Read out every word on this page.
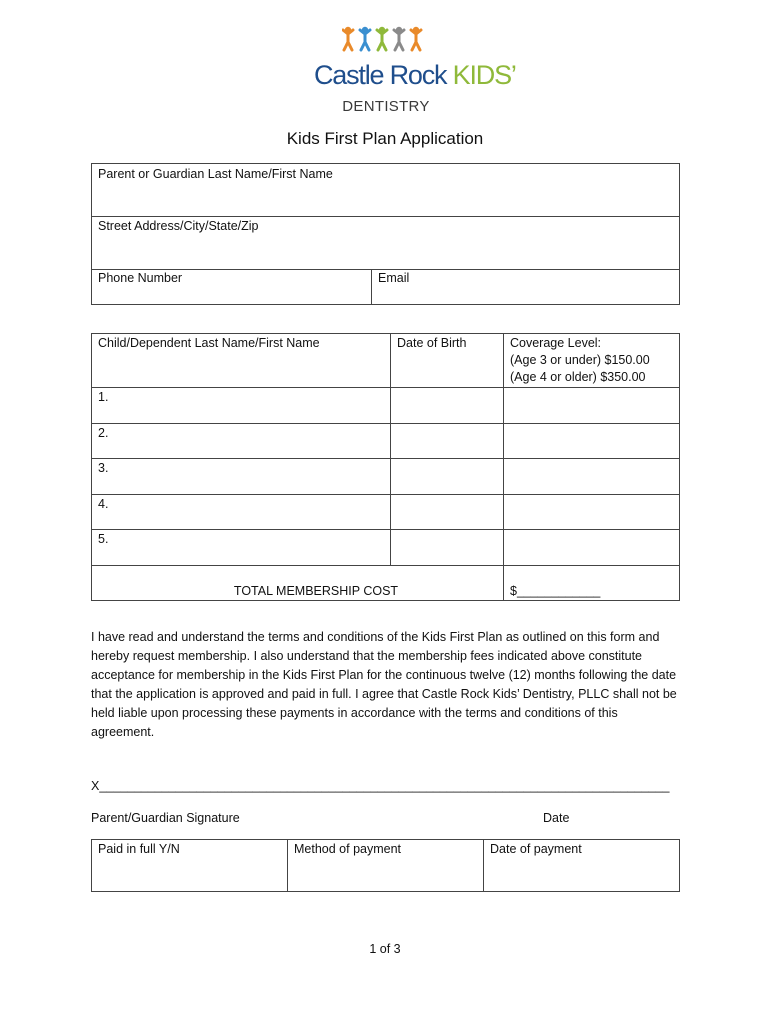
Castle Rock KIDS’
DENTISTRY
Kids First Plan Application
Parent or Guardian Last Name/First Name
Street Address/City/State/Zip
Phone Number	Email
Child/Dependent Last Name/First Name	Date of Birth	Coverage Level:
(Age 3 or under) $150.00
(Age 4 or older) $350.00
1.
2.
3.
4.
5.
TOTAL MEMBERSHIP COST	$____________

I have read and understand the terms and conditions of the Kids First Plan as outlined on this form and hereby request membership. I also understand that the membership fees indicated above constitute acceptance for membership in the Kids First Plan for the continuous twelve (12) months following the date that the application is approved and paid in full. I agree that Castle Rock Kids’ Dentistry, PLLC shall not be held liable upon processing these payments in accordance with the terms and conditions of this agreement.

X__________________________________________________________________________________
Parent/Guardian Signature	Date
Paid in full Y/N	Method of payment	Date of payment
1 of 3
